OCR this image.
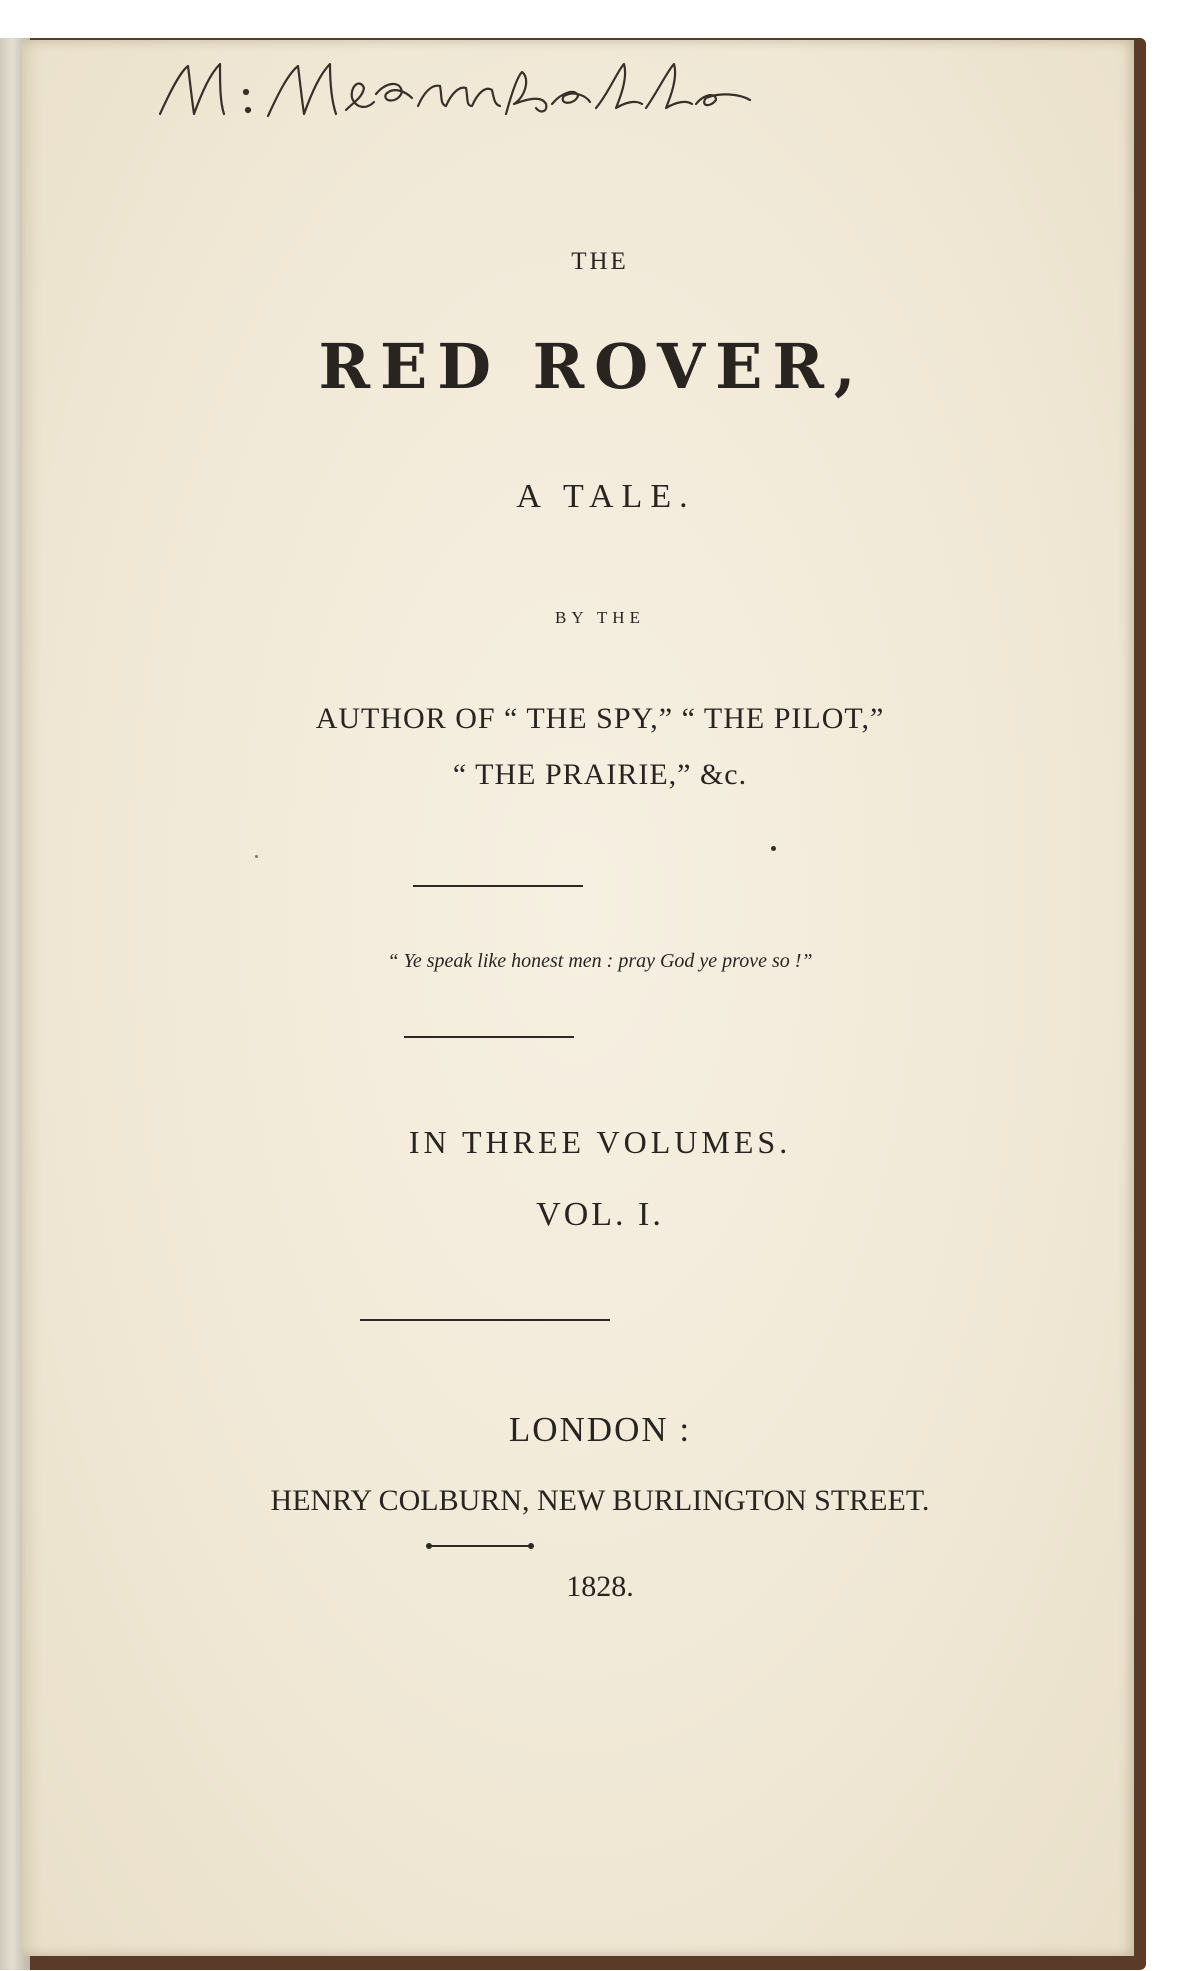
THE

RED ROVER,

A TALE.

BY THE

AUTHOR OF “ THE SPY,” “ THE PILOT,”

“ THE PRAIRIE,” &c.

“ Ye speak like honest men : pray God ye prove so !”

IN THREE VOLUMES.

VOL. I.

LONDON :

HENRY COLBURN, NEW BURLINGTON STREET.

1828.
